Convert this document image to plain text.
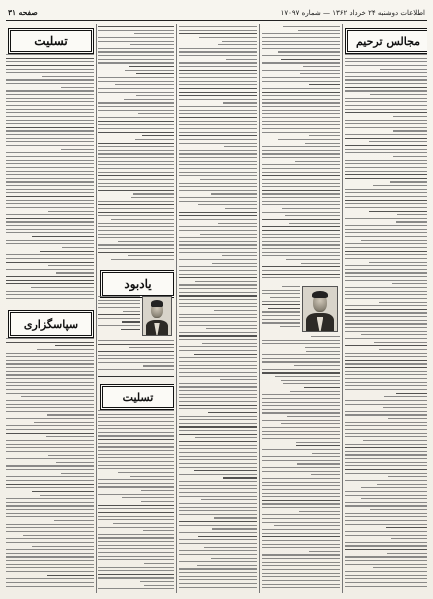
صفحه ۳۱	اطلاعات دوشنبه ۲۴ خرداد ۱۳۶۲ — شماره ۱۷۰۹۷
تسلیت
سپاسگزاری
یادبود
تسلیت
مجالس ترحیم
